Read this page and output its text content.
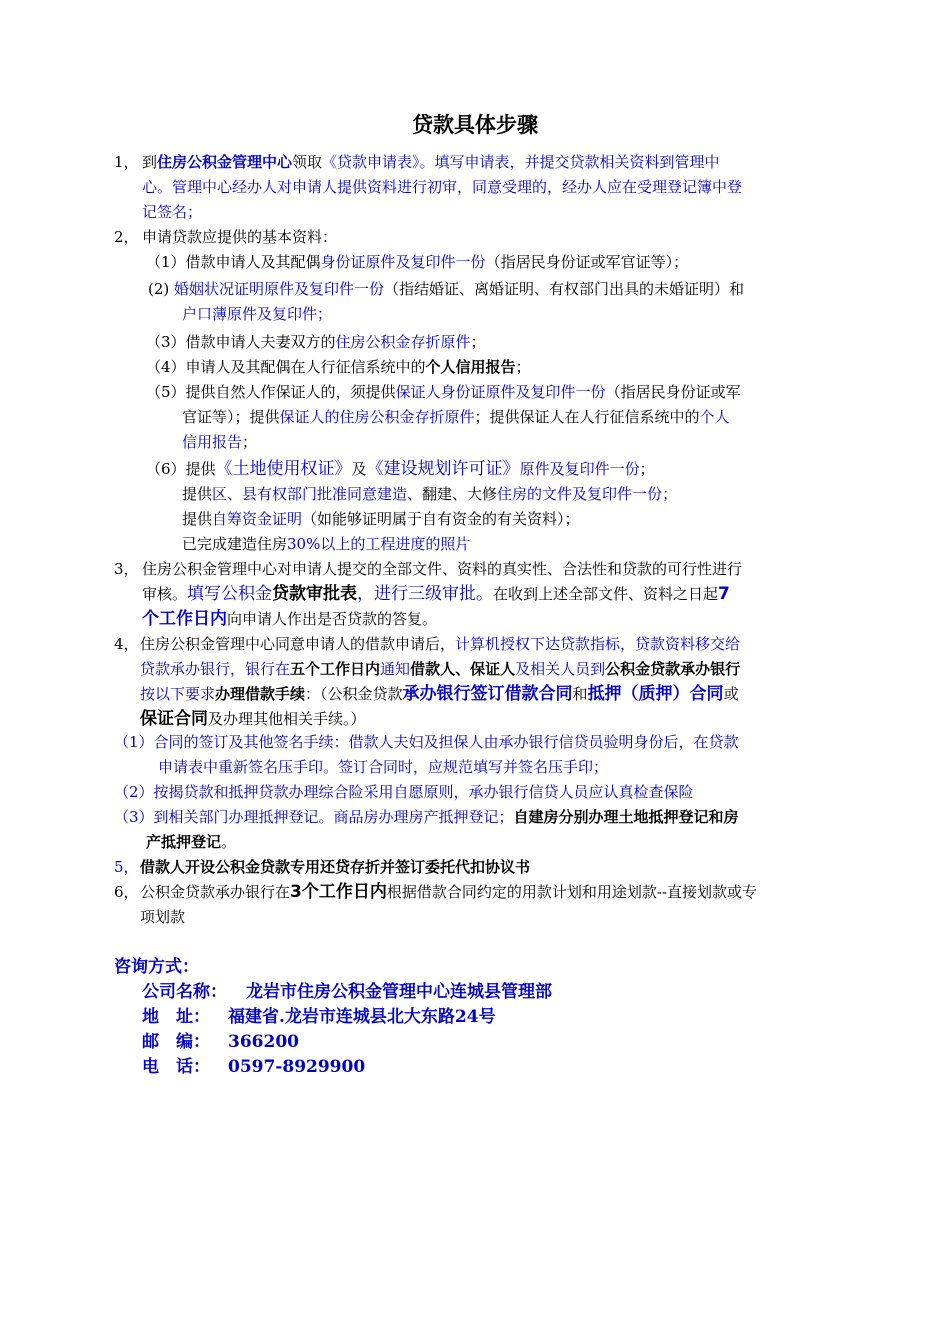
贷款具体步骤
1， 到住房公积金管理中心领取《贷款申请表》。填写申请表，并提交贷款相关资料到管理中
心。管理中心经办人对申请人提供资料进行初审，同意受理的，经办人应在受理登记簿中登
记签名；
2， 申请贷款应提供的基本资料：
（1）借款申请人及其配偶身份证原件及复印件一份（指居民身份证或军官证等）；
(2) 婚姻状况证明原件及复印件一份（指结婚证、离婚证明、有权部门出具的未婚证明）和
户口薄原件及复印件；
（3）借款申请人夫妻双方的住房公积金存折原件；
（4）申请人及其配偶在人行征信系统中的个人信用报告；
（5）提供自然人作保证人的，须提供保证人身份证原件及复印件一份（指居民身份证或军
官证等）；提供保证人的住房公积金存折原件；提供保证人在人行征信系统中的个人
信用报告；
（6）提供《土地使用权证》及《建设规划许可证》原件及复印件一份；
提供区、县有权部门批准同意建造、翻建、大修住房的文件及复印件一份；
提供自筹资金证明（如能够证明属于自有资金的有关资料）；
已完成建造住房30%以上的工程进度的照片
3， 住房公积金管理中心对申请人提交的全部文件、资料的真实性、合法性和贷款的可行性进行
审核。填写公积金贷款审批表，进行三级审批。在收到上述全部文件、资料之日起7
个工作日内向申请人作出是否贷款的答复。
4， 住房公积金管理中心同意申请人的借款申请后，计算机授权下达贷款指标，贷款资料移交给
贷款承办银行，银行在五个工作日内通知借款人、保证人及相关人员到公积金贷款承办银行
按以下要求办理借款手续：（公积金贷款承办银行签订借款合同和抵押（质押）合同或
保证合同及办理其他相关手续。）
（1）合同的签订及其他签名手续：借款人夫妇及担保人由承办银行信贷员验明身份后，在贷款
申请表中重新签名压手印。签订合同时，应规范填写并签名压手印；
（2）按揭贷款和抵押贷款办理综合险采用自愿原则，承办银行信贷人员应认真检查保险
（3）到相关部门办理抵押登记。商品房办理房产抵押登记；自建房分别办理土地抵押登记和房
产抵押登记。
5， 借款人开设公积金贷款专用还贷存折并签订委托代扣协议书
6， 公积金贷款承办银行在3个工作日内根据借款合同约定的用款计划和用途划款--直接划款或专
项划款
咨询方式：
公司名称： 龙岩市住房公积金管理中心连城县管理部
地　址： 福建省.龙岩市连城县北大东路24号
邮　编： 366200
电　话： 0597-8929900
